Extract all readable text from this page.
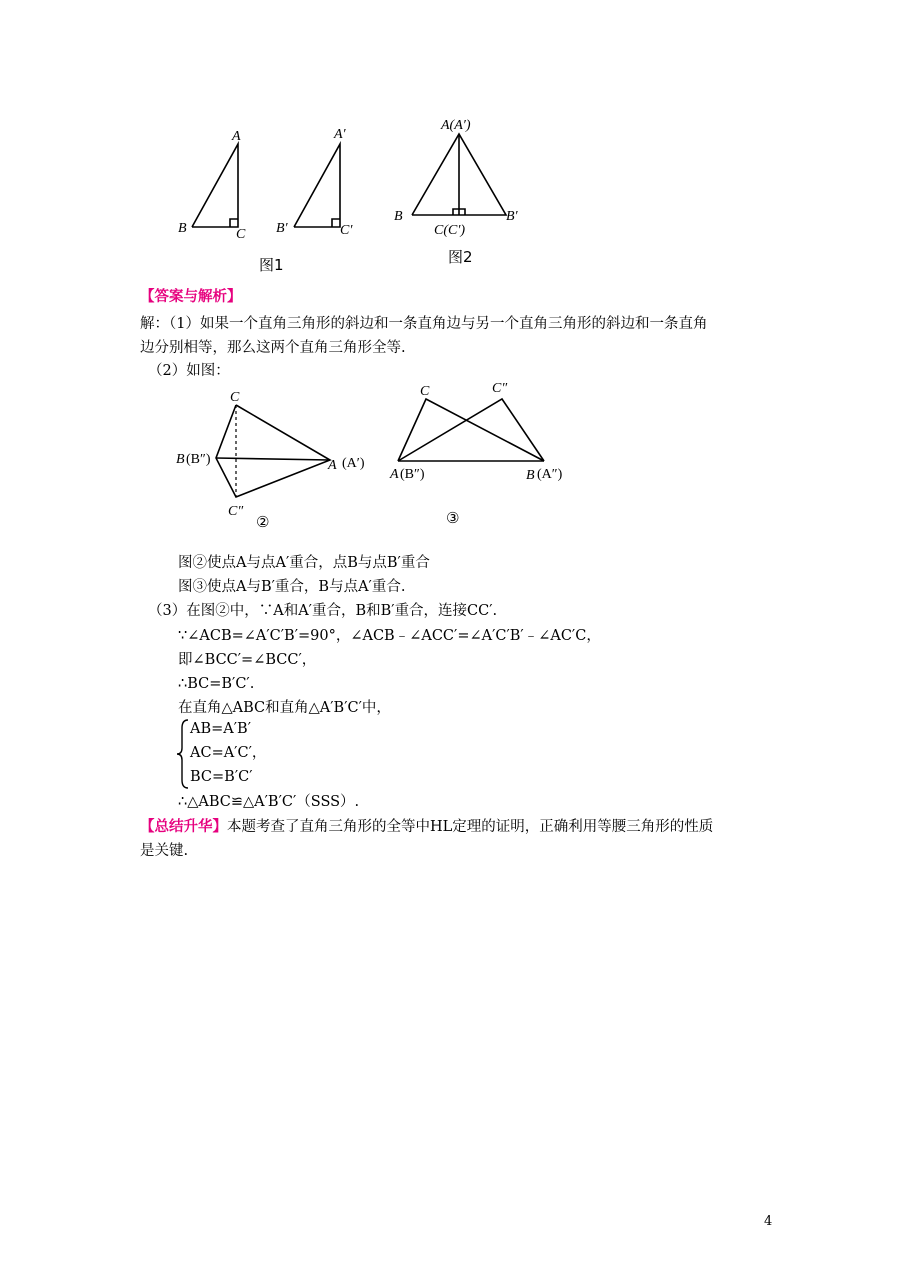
A
B	C
A′
B′	C′
图1
A(A′)
B	B′
C(C′)
图2
【答案与解析】
解：（1）如果一个直角三角形的斜边和一条直角边与另一个直角三角形的斜边和一条直角
边分别相等，那么这两个直角三角形全等.
（2）如图：
C
B (B″)	A (A′)
C″
②
C	C″
A (B″)	B (A″)
③
图②使点A与点A′重合，点B与点B′重合
图③使点A与B′重合，B与点A′重合.
（3）在图②中，∵A和A′重合，B和B′重合，连接CC′.
∵∠ACB=∠A′C′B′=90°，∠ACB﹣∠ACC′=∠A′C′B′﹣∠AC′C，
即∠BCC′=∠BCC′，
∴BC=B′C′.
在直角△ABC和直角△A′B′C′中，
AB=A′B′
AC=A′C′，
BC=B′C′
∴△ABC≌△A′B′C′（SSS）.
【总结升华】本题考查了直角三角形的全等中HL定理的证明，正确利用等腰三角形的性质
是关键.
4
